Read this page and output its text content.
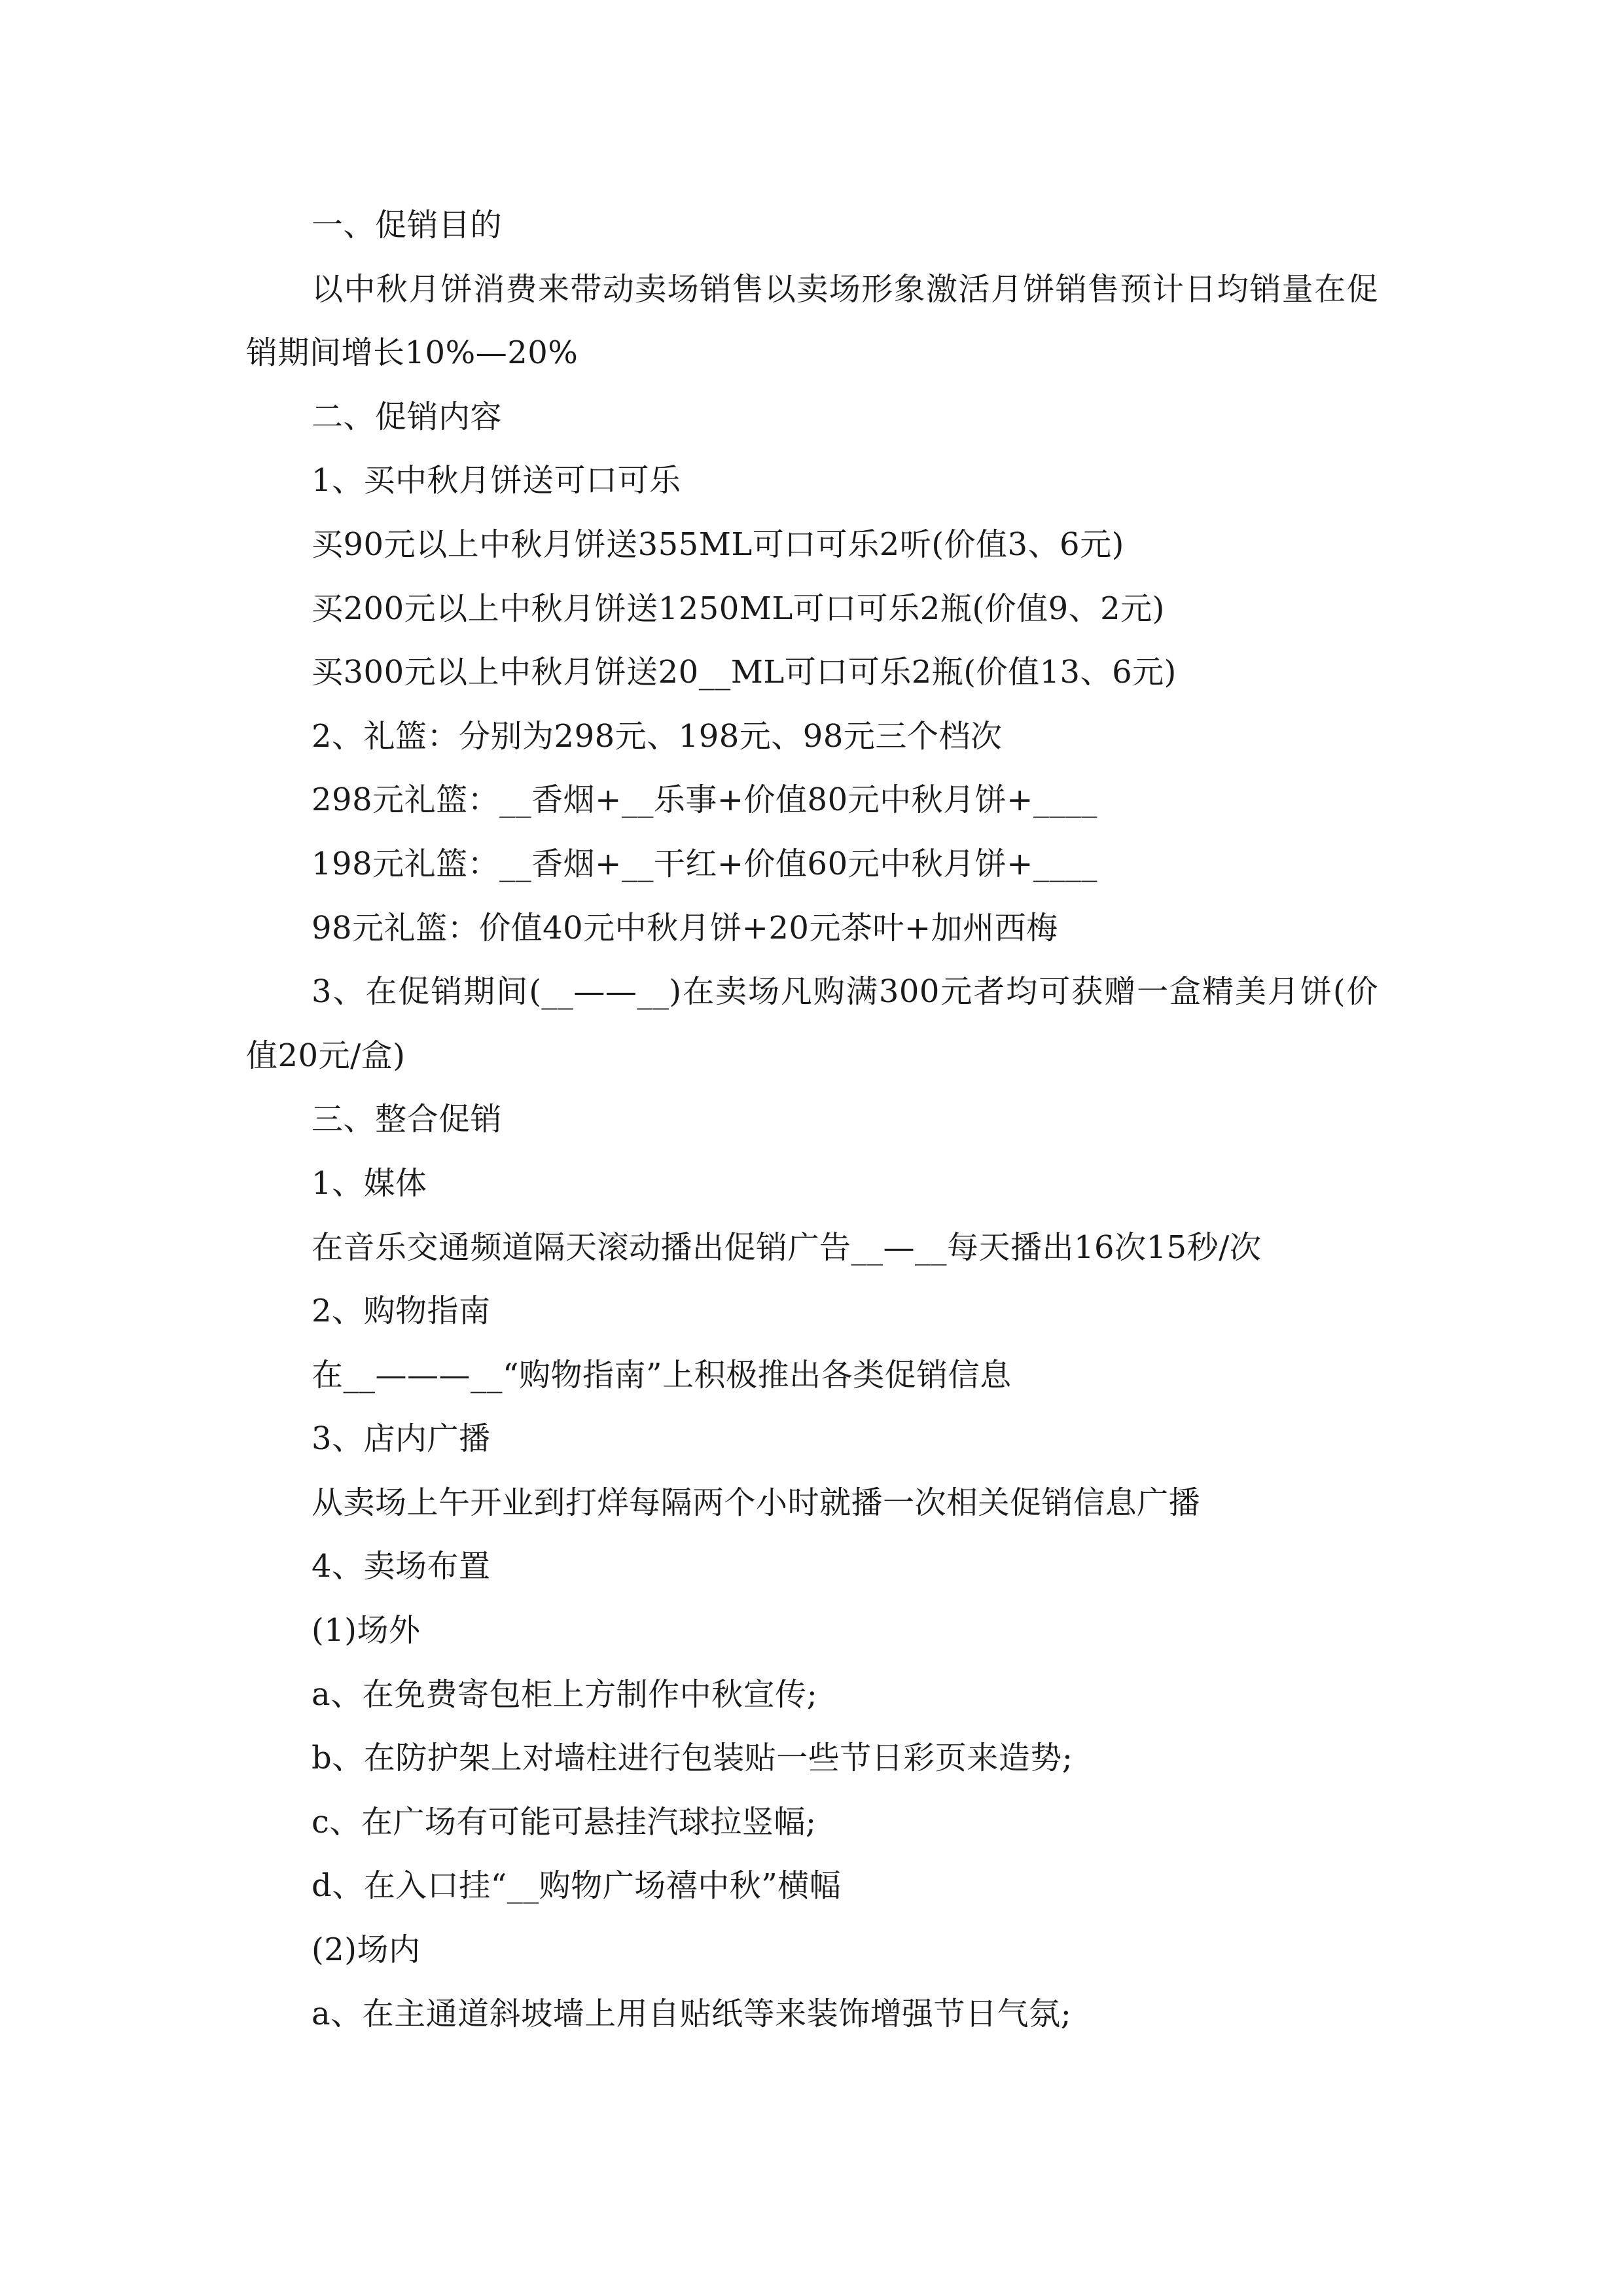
一、促销目的
以中秋月饼消费来带动卖场销售以卖场形象激活月饼销售预计日均销量在促销期间增长10%—20%
二、促销内容
1、买中秋月饼送可口可乐
买90元以上中秋月饼送355ML可口可乐2听(价值3、6元)
买200元以上中秋月饼送1250ML可口可乐2瓶(价值9、2元)
买300元以上中秋月饼送20__ML可口可乐2瓶(价值13、6元)
2、礼篮：分别为298元、198元、98元三个档次
298元礼篮：__香烟+__乐事+价值80元中秋月饼+____
198元礼篮：__香烟+__干红+价值60元中秋月饼+____
98元礼篮：价值40元中秋月饼+20元茶叶+加州西梅
3、在促销期间(__——__)在卖场凡购满300元者均可获赠一盒精美月饼(价值20元/盒)
三、整合促销
1、媒体
在音乐交通频道隔天滚动播出促销广告__—__每天播出16次15秒/次
2、购物指南
在__———__“购物指南”上积极推出各类促销信息
3、店内广播
从卖场上午开业到打烊每隔两个小时就播一次相关促销信息广播
4、卖场布置
(1)场外
a、在免费寄包柜上方制作中秋宣传;
b、在防护架上对墙柱进行包装贴一些节日彩页来造势;
c、在广场有可能可悬挂汽球拉竖幅;
d、在入口挂“__购物广场禧中秋”横幅
(2)场内
a、在主通道斜坡墙上用自贴纸等来装饰增强节日气氛;
